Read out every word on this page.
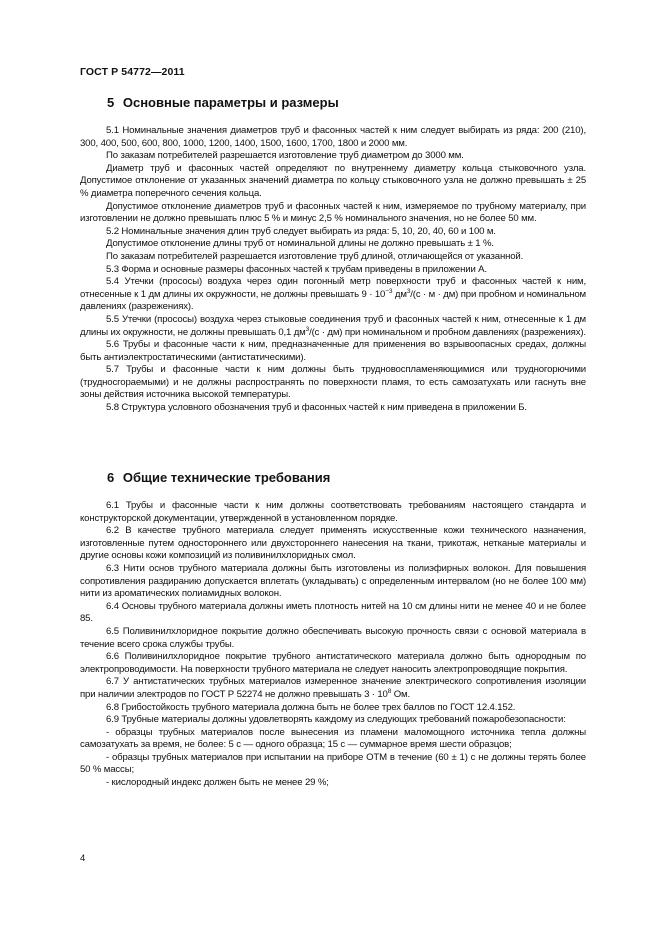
ГОСТ Р 54772—2011
5 Основные параметры и размеры

5.1 Номинальные значения диаметров труб и фасонных частей к ним следует выбирать из ряда: 200 (210), 300, 400, 500, 600, 800, 1000, 1200, 1400, 1500, 1600, 1700, 1800 и 2000 мм.

По заказам потребителей разрешается изготовление труб диаметром до 3000 мм.

Диаметр труб и фасонных частей определяют по внутреннему диаметру кольца стыковочного узла. Допустимое отклонение от указанных значений диаметра по кольцу стыковочного узла не должно превышать ± 25 % диаметра поперечного сечения кольца.

Допустимое отклонение диаметров труб и фасонных частей к ним, измеряемое по трубному материалу, при изготовлении не должно превышать плюс 5 % и минус 2,5 % номинального значения, но не более 50 мм.

5.2 Номинальные значения длин труб следует выбирать из ряда: 5, 10, 20, 40, 60 и 100 м.

Допустимое отклонение длины труб от номинальной длины не должно превышать ± 1 %.

По заказам потребителей разрешается изготовление труб длиной, отличающейся от указанной.

5.3 Форма и основные размеры фасонных частей к трубам приведены в приложении А.

5.4 Утечки (прососы) воздуха через один погонный метр поверхности труб и фасонных частей к ним, отнесенные к 1 дм длины их окружности, не должны превышать $9 \cdot 10^{-3}$ $дм^3/(с \cdot м \cdot дм)$ при пробном и номинальном давлениях (разрежениях).

5.5 Утечки (прососы) воздуха через стыковые соединения труб и фасонных частей к ним, отнесенные к 1 дм длины их окружности, не должны превышать 0,1 $дм^3/(с \cdot дм)$ при номинальном и пробном давлениях (разрежениях).

5.6 Трубы и фасонные части к ним, предназначенные для применения во взрывоопасных средах, должны быть антиэлектростатическими (антистатическими).

5.7 Трубы и фасонные части к ним должны быть трудновоспламеняющимися или трудногорючими (трудносгораемыми) и не должны распространять по поверхности пламя, то есть самозатухать или гаснуть вне зоны действия источника высокой температуры.

5.8 Структура условного обозначения труб и фасонных частей к ним приведена в приложении Б.

6 Общие технические требования

6.1 Трубы и фасонные части к ним должны соответствовать требованиям настоящего стандарта и конструкторской документации, утвержденной в установленном порядке.

6.2 В качестве трубного материала следует применять искусственные кожи технического назначения, изготовленные путем одностороннего или двухстороннего нанесения на ткани, трикотаж, нетканые материалы и другие основы кожи композиций из поливинилхлоридных смол.

6.3 Нити основ трубного материала должны быть изготовлены из полиэфирных волокон. Для повышения сопротивления раздиранию допускается вплетать (укладывать) с определенным интервалом (но не более 100 мм) нити из ароматических полиамидных волокон.

6.4 Основы трубного материала должны иметь плотность нитей на 10 см длины нити не менее 40 и не более 85.

6.5 Поливинилхлоридное покрытие должно обеспечивать высокую прочность связи с основой материала в течение всего срока службы трубы.

6.6 Поливинилхлоридное покрытие трубного антистатического материала должно быть однородным по электропроводимости. На поверхности трубного материала не следует наносить электропроводящие покрытия.

6.7 У антистатических трубных материалов измеренное значение электрического сопротивления изоляции при наличии электродов по ГОСТ Р 52274 не должно превышать $3 \cdot 10^8$ Ом.

6.8 Грибостойкость трубного материала должна быть не более трех баллов по ГОСТ 12.4.152.

6.9 Трубные материалы должны удовлетворять каждому из следующих требований пожаробезопасности:

- образцы трубных материалов после вынесения из пламени маломощного источника тепла должны самозатухать за время, не более: 5 с — одного образца; 15 с — суммарное время шести образцов;

- образцы трубных материалов при испытании на приборе ОТМ в течение (60 ± 1) с не должны терять более 50 % массы;

- кислородный индекс должен быть не менее 29 %;

4
